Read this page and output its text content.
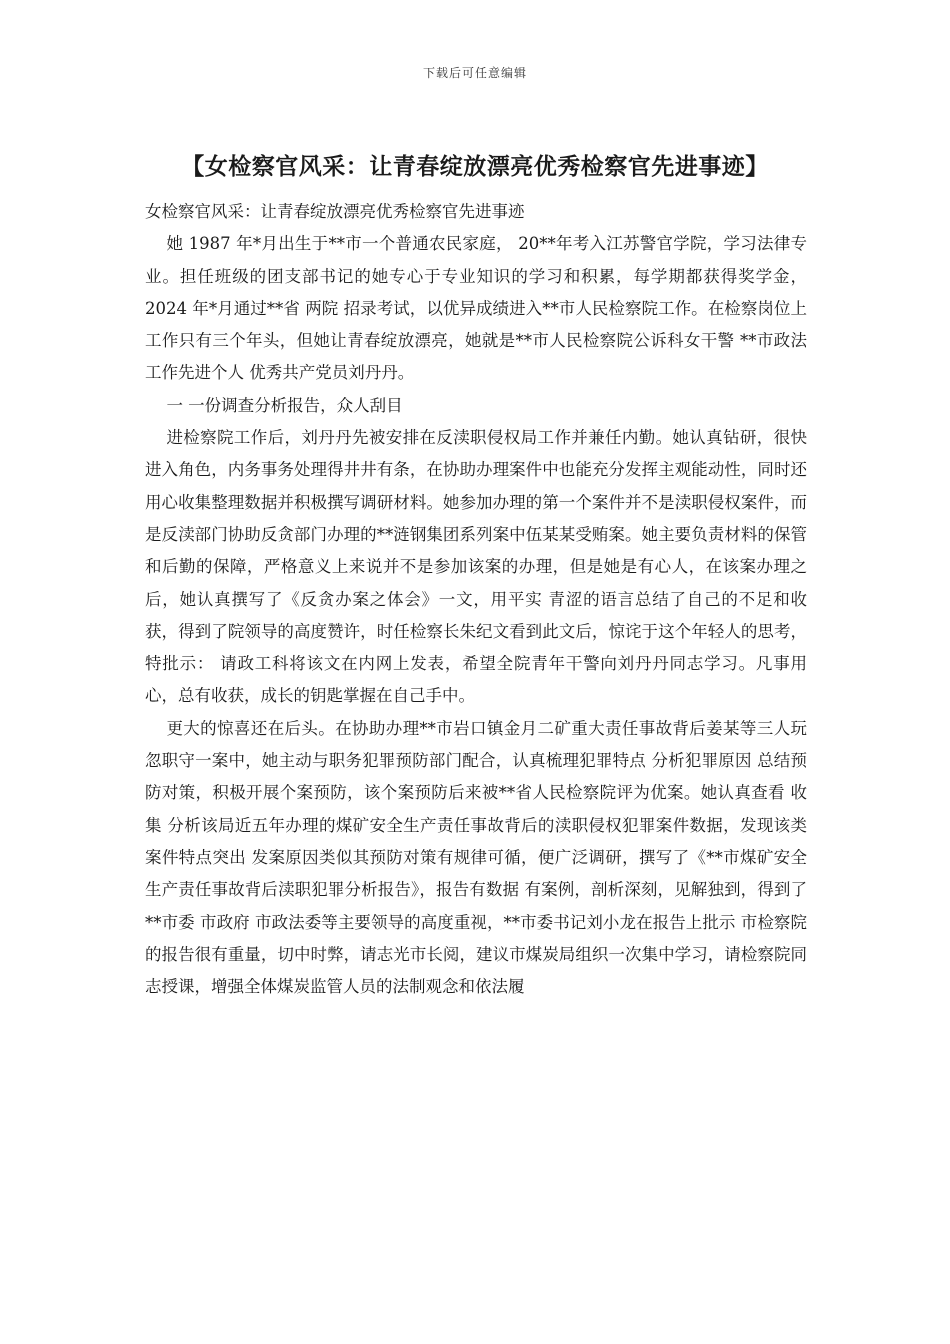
下载后可任意编辑
【女检察官风采：让青春绽放漂亮优秀检察官先进事迹】

女检察官风采：让青春绽放漂亮优秀检察官先进事迹

她 1987 年*月出生于**市一个普通农民家庭， 20**年考入江苏警官学院，学习法律专业。担任班级的团支部书记的她专心于专业知识的学习和积累，每学期都获得奖学金，2024 年*月通过**省 两院 招录考试，以优异成绩进入**市人民检察院工作。在检察岗位上工作只有三个年头，但她让青春绽放漂亮，她就是**市人民检察院公诉科女干警 **市政法工作先进个人 优秀共产党员刘丹丹。

一 一份调查分析报告，众人刮目

进检察院工作后，刘丹丹先被安排在反渎职侵权局工作并兼任内勤。她认真钻研，很快进入角色，内务事务处理得井井有条，在协助办理案件中也能充分发挥主观能动性，同时还用心收集整理数据并积极撰写调研材料。她参加办理的第一个案件并不是渎职侵权案件，而是反渎部门协助反贪部门办理的**涟钢集团系列案中伍某某受贿案。她主要负责材料的保管和后勤的保障，严格意义上来说并不是参加该案的办理，但是她是有心人，在该案办理之后，她认真撰写了《反贪办案之体会》一文，用平实 青涩的语言总结了自己的不足和收获，得到了院领导的高度赞许，时任检察长朱纪文看到此文后，惊诧于这个年轻人的思考，特批示： 请政工科将该文在内网上发表，希望全院青年干警向刘丹丹同志学习。凡事用心，总有收获，成长的钥匙掌握在自己手中。

更大的惊喜还在后头。在协助办理**市岩口镇金月二矿重大责任事故背后姜某等三人玩忽职守一案中，她主动与职务犯罪预防部门配合，认真梳理犯罪特点 分析犯罪原因 总结预防对策，积极开展个案预防，该个案预防后来被**省人民检察院评为优案。她认真查看 收集 分析该局近五年办理的煤矿安全生产责任事故背后的渎职侵权犯罪案件数据，发现该类案件特点突出 发案原因类似其预防对策有规律可循，便广泛调研，撰写了《**市煤矿安全生产责任事故背后渎职犯罪分析报告》，报告有数据 有案例，剖析深刻，见解独到，得到了**市委 市政府 市政法委等主要领导的高度重视，**市委书记刘小龙在报告上批示 市检察院的报告很有重量，切中时弊，请志光市长阅，建议市煤炭局组织一次集中学习，请检察院同志授课，增强全体煤炭监管人员的法制观念和依法履
